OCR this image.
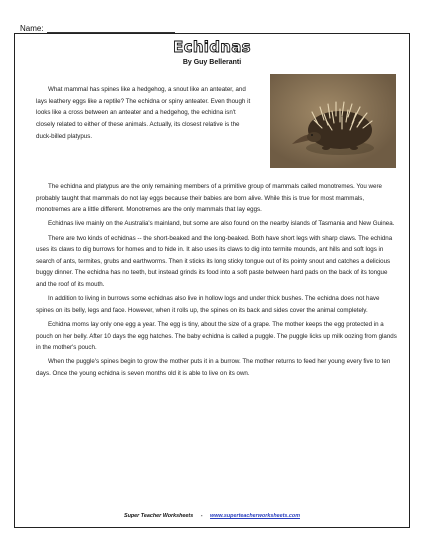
Name:
Echidnas
By Guy Belleranti

What mammal has spines like a hedgehog, a snout like an anteater, and lays leathery eggs like a reptile? The echidna or spiny anteater. Even though it looks like a cross between an anteater and a hedgehog, the echidna isn't closely related to either of these animals. Actually, its closest relative is the duck-billed platypus.

The echidna and platypus are the only remaining members of a primitive group of mammals called monotremes. You were probably taught that mammals do not lay eggs because their babies are born alive. While this is true for most mammals, monotremes are a little different. Monotremes are the only mammals that lay eggs.

Echidnas live mainly on the Australia's mainland, but some are also found on the nearby islands of Tasmania and New Guinea.

There are two kinds of echidnas -- the short-beaked and the long-beaked. Both have short legs with sharp claws. The echidna uses its claws to dig burrows for homes and to hide in. It also uses its claws to dig into termite mounds, ant hills and soft logs in search of ants, termites, grubs and earthworms. Then it sticks its long sticky tongue out of its pointy snout and catches a delicious buggy dinner. The echidna has no teeth, but instead grinds its food into a soft paste between hard pads on the back of its tongue and the roof of its mouth.

In addition to living in burrows some echidnas also live in hollow logs and under thick bushes. The echidna does not have spines on its belly, legs and face. However, when it rolls up, the spines on its back and sides cover the animal completely.

Echidna moms lay only one egg a year. The egg is tiny, about the size of a grape. The mother keeps the egg protected in a pouch on her belly. After 10 days the egg hatches. The baby echidna is called a puggle. The puggle licks up milk oozing from glands in the mother's pouch.

When the puggle's spines begin to grow the mother puts it in a burrow. The mother returns to feed her young every five to ten days. Once the young echidna is seven months old it is able to live on its own.

Super Teacher Worksheets - www.superteacherworksheets.com
